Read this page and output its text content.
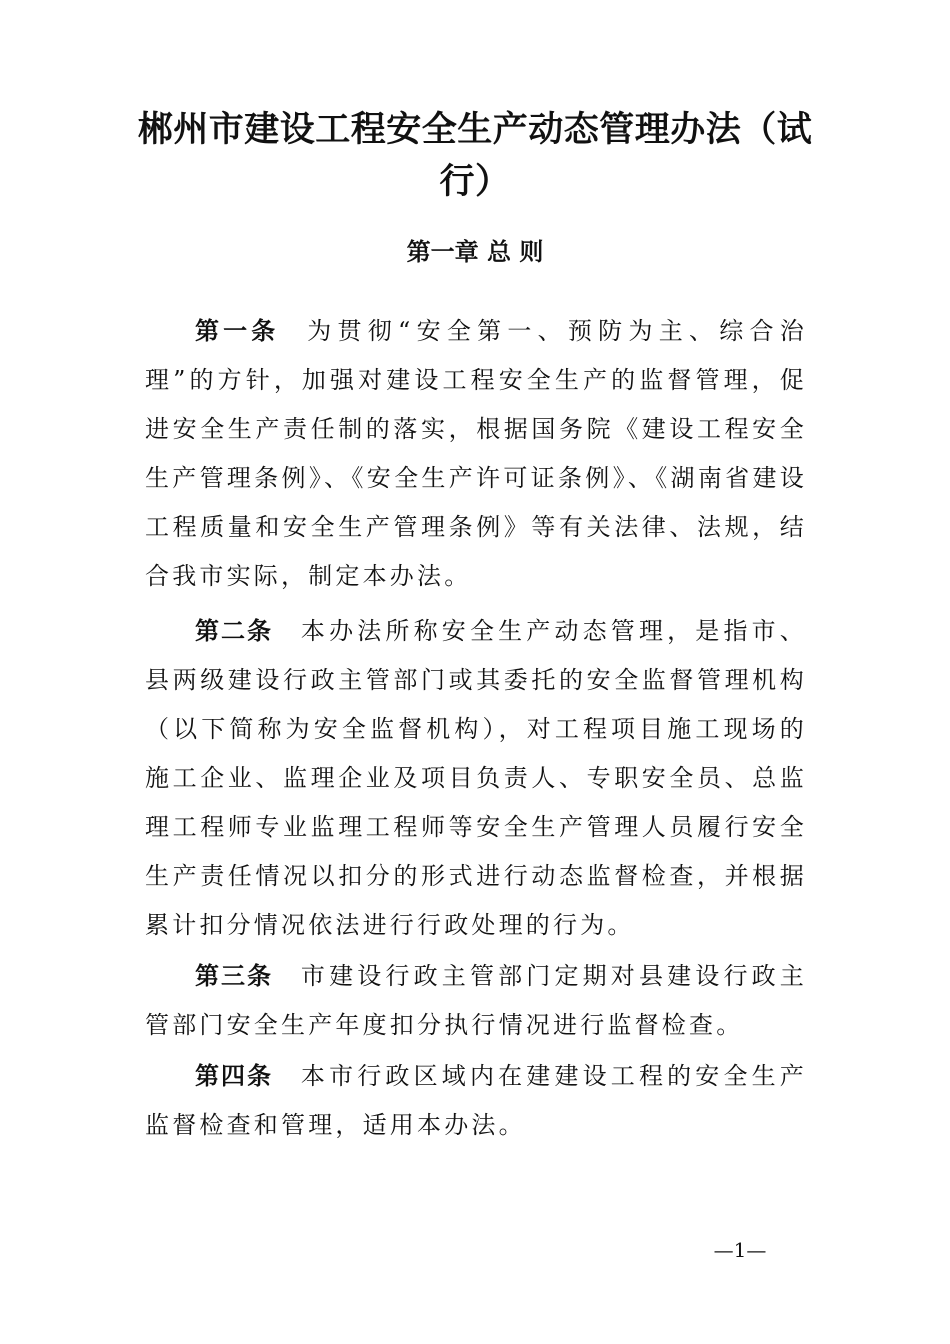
郴州市建设工程安全生产动态管理办法（试行）
第一章 总 则

第一条 为贯彻“安全第一、预防为主、综合治理”的方针，加强对建设工程安全生产的监督管理，促进安全生产责任制的落实，根据国务院《建设工程安全生产管理条例》、《安全生产许可证条例》、《湖南省建设工程质量和安全生产管理条例》等有关法律、法规，结合我市实际，制定本办法。

第二条 本办法所称安全生产动态管理，是指市、县两级建设行政主管部门或其委托的安全监督管理机构（以下简称为安全监督机构），对工程项目施工现场的施工企业、监理企业及项目负责人、专职安全员、总监理工程师专业监理工程师等安全生产管理人员履行安全生产责任情况以扣分的形式进行动态监督检查，并根据累计扣分情况依法进行行政处理的行为。

第三条 市建设行政主管部门定期对县建设行政主管部门安全生产年度扣分执行情况进行监督检查。

第四条 本市行政区域内在建建设工程的安全生产监督检查和管理，适用本办法。

—1—
